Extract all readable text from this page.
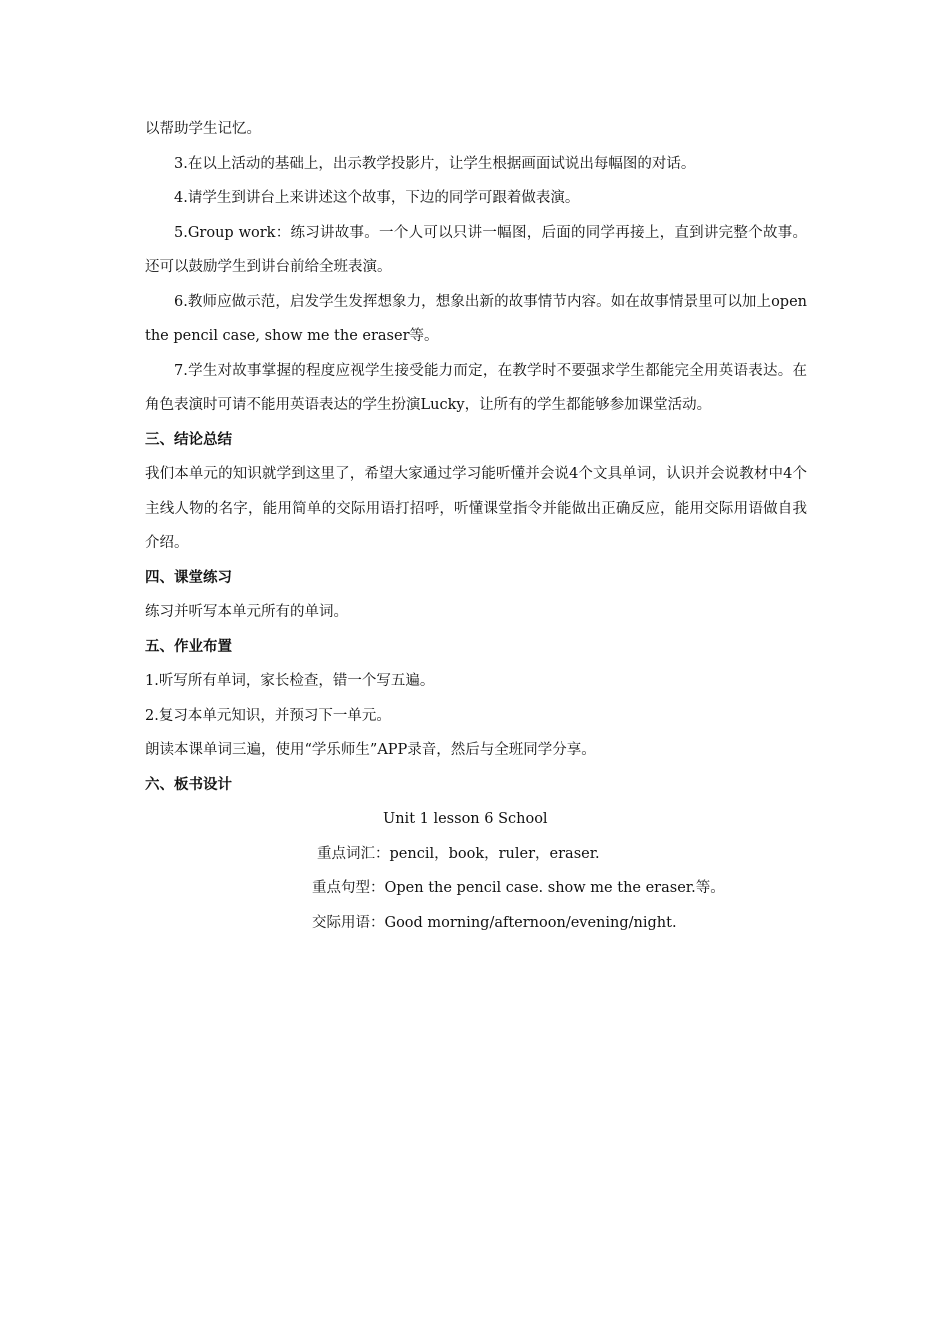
以帮助学生记忆。
3.在以上活动的基础上，出示教学投影片，让学生根据画面试说出每幅图的对话。
4.请学生到讲台上来讲述这个故事，下边的同学可跟着做表演。
5.Group work：练习讲故事。一个人可以只讲一幅图，后面的同学再接上，直到讲完整个故事。还可以鼓励学生到讲台前给全班表演。
6.教师应做示范，启发学生发挥想象力，想象出新的故事情节内容。如在故事情景里可以加上open the pencil case, show me the eraser等。
7.学生对故事掌握的程度应视学生接受能力而定，在教学时不要强求学生都能完全用英语表达。在角色表演时可请不能用英语表达的学生扮演Lucky，让所有的学生都能够参加课堂活动。
三、结论总结
我们本单元的知识就学到这里了，希望大家通过学习能听懂并会说4个文具单词，认识并会说教材中4个主线人物的名字，能用简单的交际用语打招呼，听懂课堂指令并能做出正确反应，能用交际用语做自我介绍。
四、课堂练习
练习并听写本单元所有的单词。
五、作业布置
1.听写所有单词，家长检查，错一个写五遍。
2.复习本单元知识，并预习下一单元。
朗读本课单词三遍，使用“学乐师生”APP录音，然后与全班同学分享。
六、板书设计
Unit 1 lesson 6 School
重点词汇：pencil，book，ruler，eraser.
重点句型：Open the pencil case. show me the eraser.等。
交际用语：Good morning/afternoon/evening/night.
